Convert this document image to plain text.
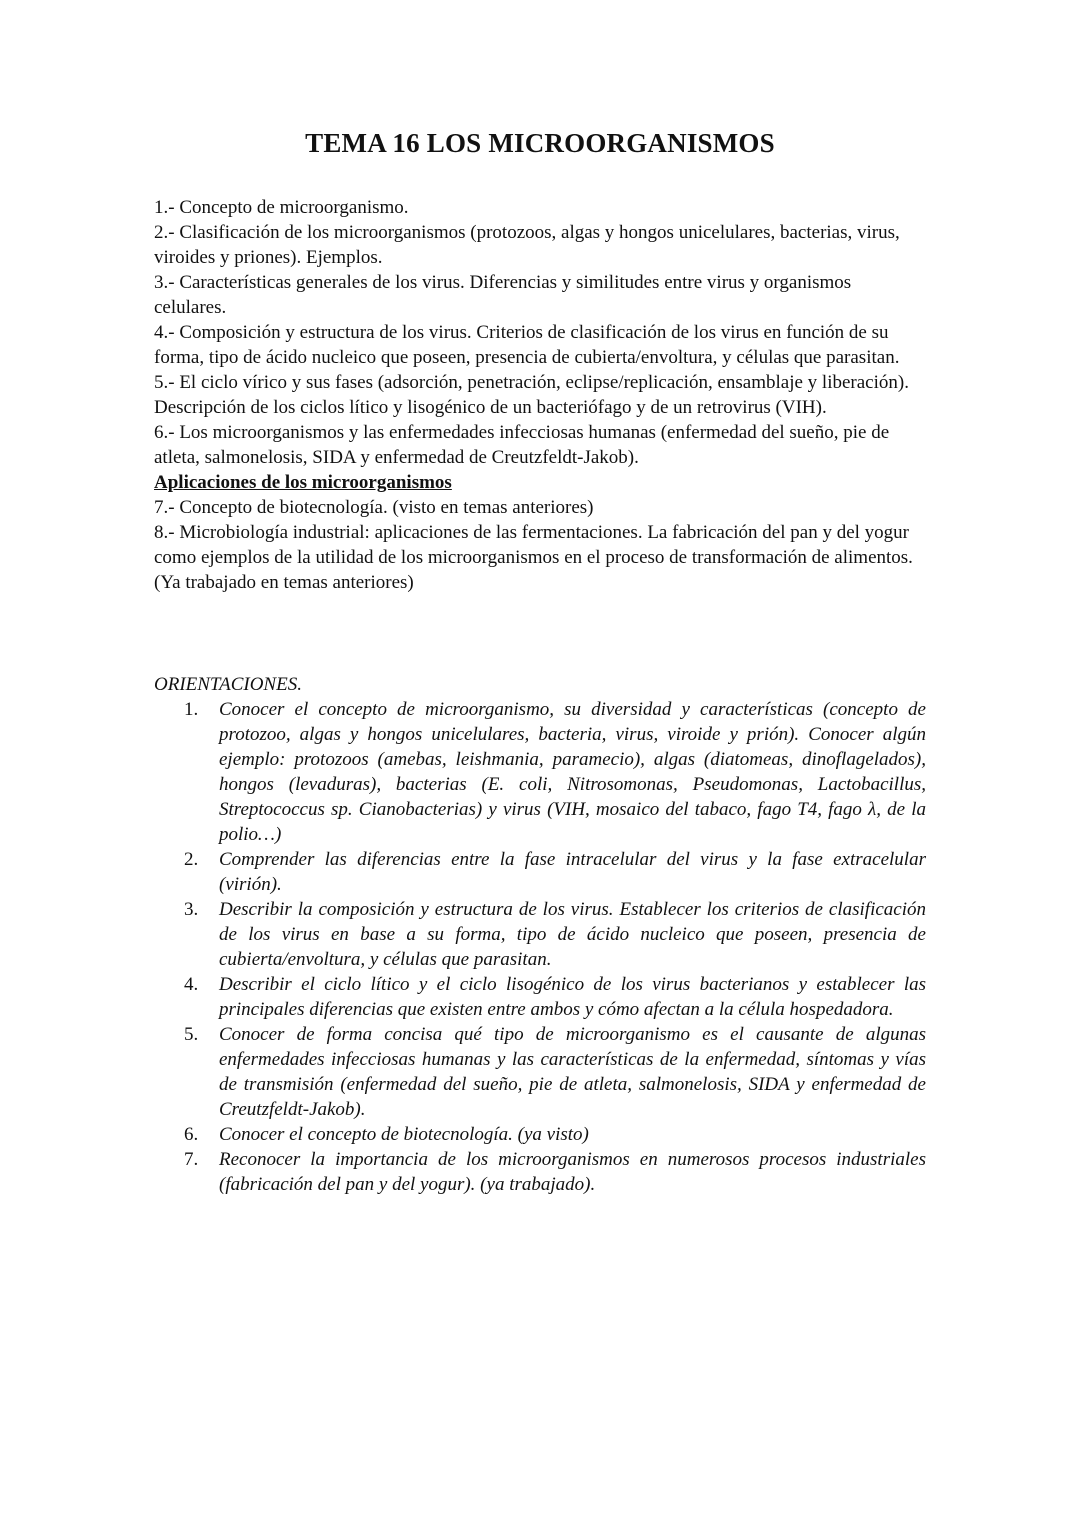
TEMA 16 LOS MICROORGANISMOS

1.- Concepto de microorganismo.

2.- Clasificación de los microorganismos (protozoos, algas y hongos unicelulares, bacterias, virus, viroides y priones). Ejemplos.

3.- Características generales de los virus. Diferencias y similitudes entre virus y organismos celulares.

4.- Composición y estructura de los virus. Criterios de clasificación de los virus en función de su forma, tipo de ácido nucleico que poseen, presencia de cubierta/envoltura, y células que parasitan.

5.- El ciclo vírico y sus fases (adsorción, penetración, eclipse/replicación, ensamblaje y liberación). Descripción de los ciclos lítico y lisogénico de un bacteriófago y de un retrovirus (VIH).

6.- Los microorganismos y las enfermedades infecciosas humanas (enfermedad del sueño, pie de atleta, salmonelosis, SIDA y enfermedad de Creutzfeldt-Jakob).

Aplicaciones de los microorganismos

7.- Concepto de biotecnología. (visto en temas anteriores)

8.- Microbiología industrial: aplicaciones de las fermentaciones. La fabricación del pan y del yogur como ejemplos de la utilidad de los microorganismos en el proceso de transformación de alimentos. (Ya trabajado en temas anteriores)

ORIENTACIONES.

1. Conocer el concepto de microorganismo, su diversidad y características (concepto de protozoo, algas y hongos unicelulares, bacteria, virus, viroide y prión). Conocer algún ejemplo: protozoos (amebas, leishmania, paramecio), algas (diatomeas, dinoflagelados), hongos (levaduras), bacterias (E. coli, Nitrosomonas, Pseudomonas, Lactobacillus, Streptococcus sp. Cianobacterias) y virus (VIH, mosaico del tabaco, fago T4, fago λ, de la polio…)
2. Comprender las diferencias entre la fase intracelular del virus y la fase extracelular (virión).
3. Describir la composición y estructura de los virus. Establecer los criterios de clasificación de los virus en base a su forma, tipo de ácido nucleico que poseen, presencia de cubierta/envoltura, y células que parasitan.
4. Describir el ciclo lítico y el ciclo lisogénico de los virus bacterianos y establecer las principales diferencias que existen entre ambos y cómo afectan a la célula hospedadora.
5. Conocer de forma concisa qué tipo de microorganismo es el causante de algunas enfermedades infecciosas humanas y las características de la enfermedad, síntomas y vías de transmisión (enfermedad del sueño, pie de atleta, salmonelosis, SIDA y enfermedad de Creutzfeldt-Jakob).
6. Conocer el concepto de biotecnología. (ya visto)
7. Reconocer la importancia de los microorganismos en numerosos procesos industriales (fabricación del pan y del yogur). (ya trabajado).
